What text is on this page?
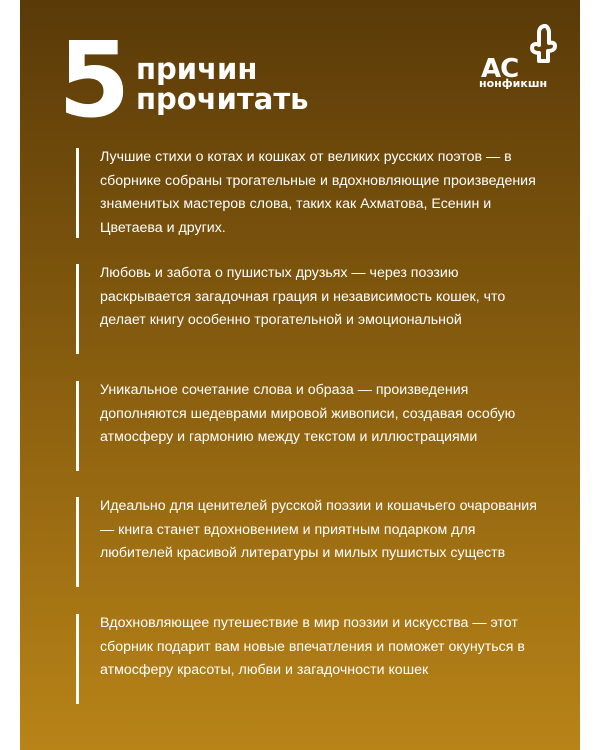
5 причин
прочитать
АС
нонфикшн
Лучшие стихи о котах и кошках от великих русских поэтов — в сборнике собраны трогательные и вдохновляющие произведения знаменитых мастеров слова, таких как Ахматова, Есенин и Цветаева и других.
Любовь и забота о пушистых друзьях — через поэзию раскрывается загадочная грация и независимость кошек, что делает книгу особенно трогательной и эмоциональной
Уникальное сочетание слова и образа — произведения дополняются шедеврами мировой живописи, создавая особую атмосферу и гармонию между текстом и иллюстрациями
Идеально для ценителей русской поэзии и кошачьего очарования — книга станет вдохновением и приятным подарком для любителей красивой литературы и милых пушистых существ
Вдохновляющее путешествие в мир поэзии и искусства — этот сборник подарит вам новые впечатления и поможет окунуться в атмосферу красоты, любви и загадочности кошек
